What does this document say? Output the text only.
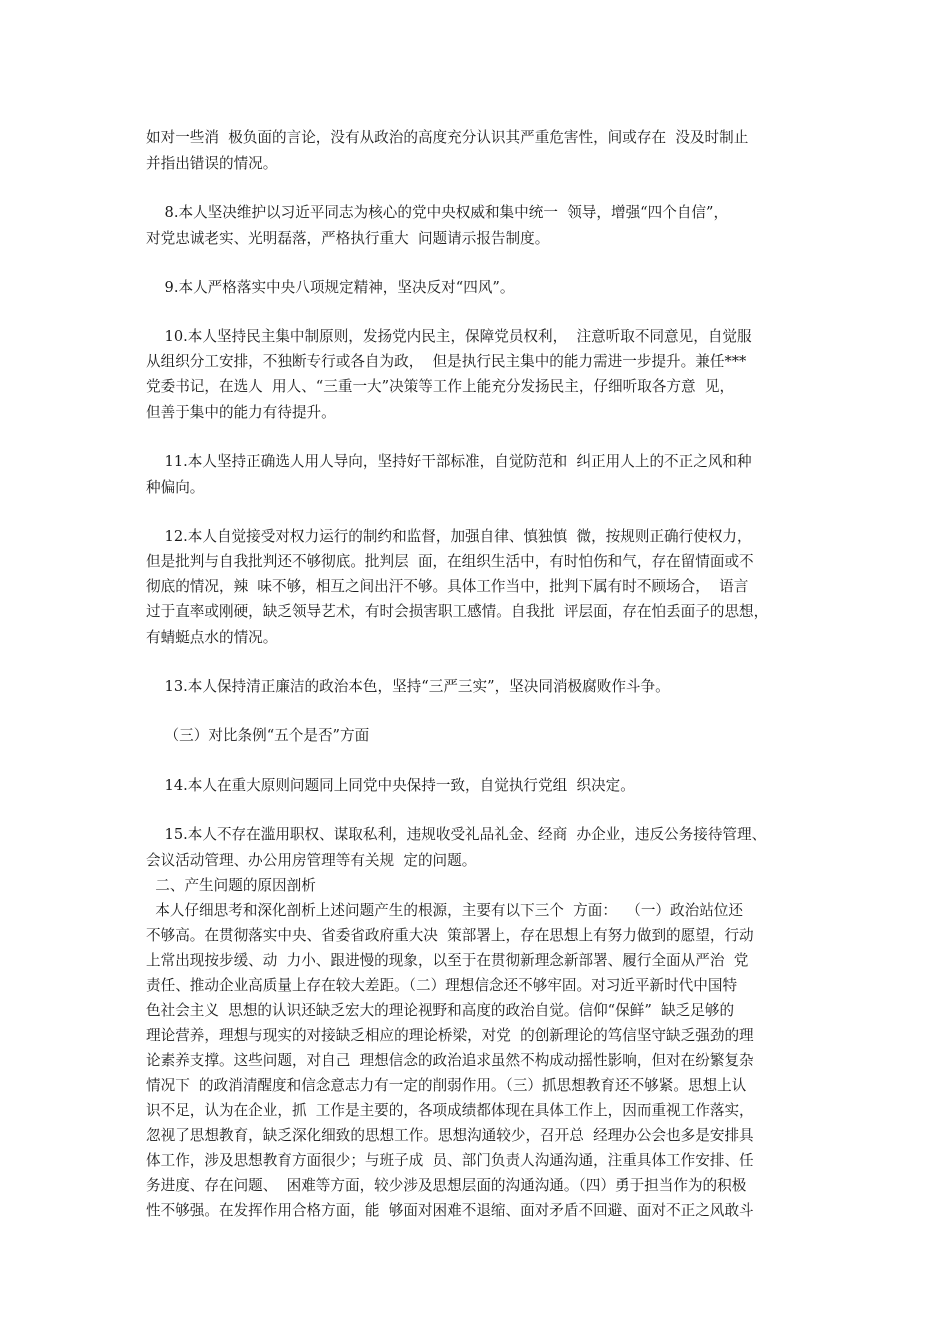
如对一些消  极负面的言论，没有从政治的高度充分认识其严重危害性，间或存在  没及时制止
并指出错误的情况。
8.本人坚决维护以习近平同志为核心的党中央权威和集中统一  领导，增强“四个自信”，
对党忠诚老实、光明磊落，严格执行重大  问题请示报告制度。
9.本人严格落实中央八项规定精神，坚决反对“四风”。
10.本人坚持民主集中制原则，发扬党内民主，保障党员权利，  注意听取不同意见，自觉服
从组织分工安排，不独断专行或各自为政，  但是执行民主集中的能力需进一步提升。兼任***
党委书记，在选人  用人、“三重一大”决策等工作上能充分发扬民主，仔细听取各方意  见，
但善于集中的能力有待提升。
11.本人坚持正确选人用人导向，坚持好干部标准，自觉防范和  纠正用人上的不正之风和种
种偏向。
12.本人自觉接受对权力运行的制约和监督，加强自律、慎独慎  微，按规则正确行使权力，
但是批判与自我批判还不够彻底。批判层  面，在组织生活中，有时怕伤和气，存在留情面或不
彻底的情况，辣  味不够，相互之间出汗不够。具体工作当中，批判下属有时不顾场合，  语言
过于直率或刚硬，缺乏领导艺术，有时会损害职工感情。自我批  评层面，存在怕丢面子的思想，
有蜻蜓点水的情况。
13.本人保持清正廉洁的政治本色，坚持“三严三实”，坚决同消极腐败作斗争。
（三）对比条例“五个是否”方面
14.本人在重大原则问题同上同党中央保持一致，自觉执行党组  织决定。
15.本人不存在滥用职权、谋取私利，违规收受礼品礼金、经商  办企业，违反公务接待管理、
会议活动管理、办公用房管理等有关规  定的问题。
二、产生问题的原因剖析
本人仔细思考和深化剖析上述问题产生的根源，主要有以下三个  方面：  （一）政治站位还
不够高。在贯彻落实中央、省委省政府重大决  策部署上，存在思想上有努力做到的愿望，行动
上常出现按步缓、动  力小、跟进慢的现象，以至于在贯彻新理念新部署、履行全面从严治  党
责任、推动企业高质量上存在较大差距。（二）理想信念还不够牢固。对习近平新时代中国特
色社会主义  思想的认识还缺乏宏大的理论视野和高度的政治自觉。信仰“保鲜”  缺乏足够的
理论营养，理想与现实的对接缺乏相应的理论桥梁，对党  的创新理论的笃信坚守缺乏强劲的理
论素养支撑。这些问题，对自己  理想信念的政治追求虽然不构成动摇性影响，但对在纷繁复杂
情况下  的政消清醒度和信念意志力有一定的削弱作用。（三）抓思想教育还不够紧。思想上认
识不足，认为在企业，抓  工作是主要的，各项成绩都体现在具体工作上，因而重视工作落实，
忽视了思想教育，缺乏深化细致的思想工作。思想沟通较少，召开总  经理办公会也多是安排具
体工作，涉及思想教育方面很少；与班子成  员、部门负责人沟通沟通，注重具体工作安排、任
务进度、存在问题、  困难等方面，较少涉及思想层面的沟通沟通。（四）勇于担当作为的积极
性不够强。在发挥作用合格方面，能  够面对困难不退缩、面对矛盾不回避、面对不正之风敢斗
